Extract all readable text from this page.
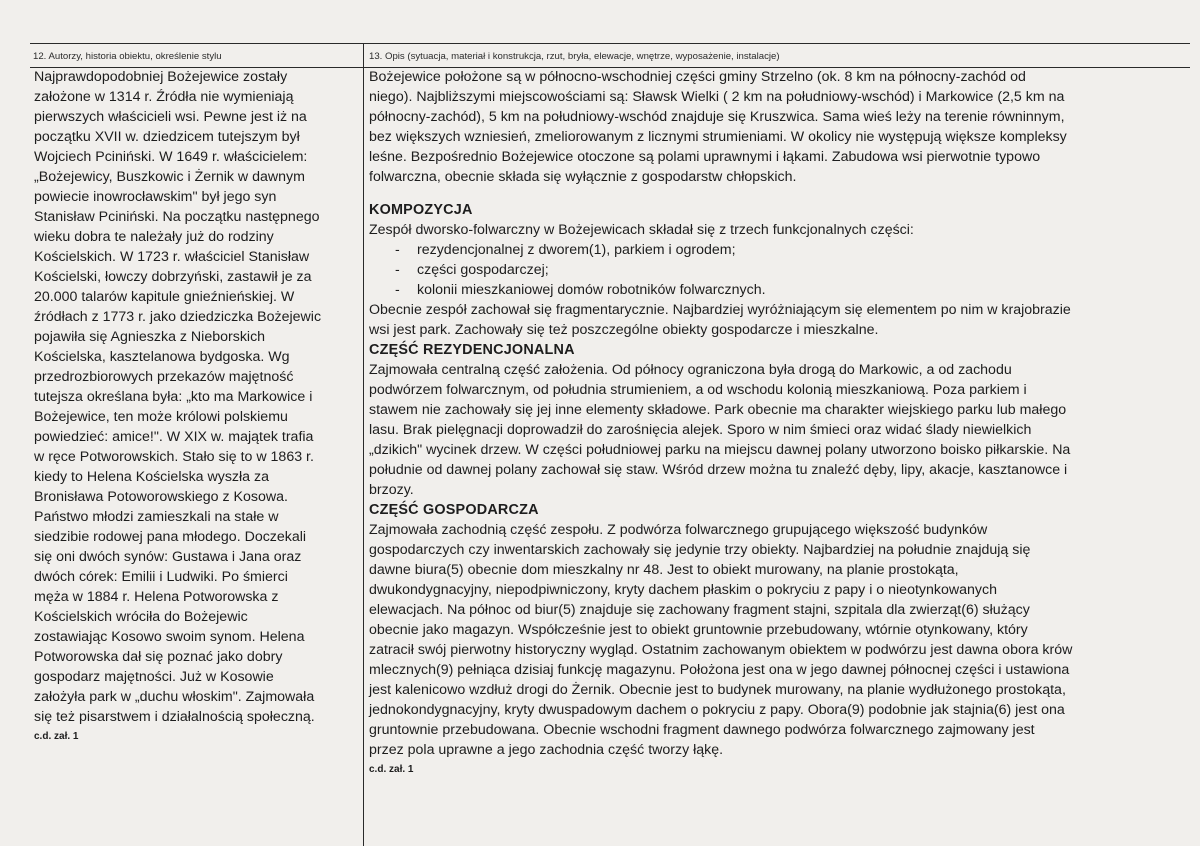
12. Autorzy, historia obiektu, określenie stylu	13. Opis (sytuacja, materiał i konstrukcja, rzut, bryła, elewacje, wnętrze, wyposażenie, instalacje)
Najprawdopodobniej Bożejewice zostały
założone w 1314 r. Źródła nie wymieniają
pierwszych właścicieli wsi. Pewne jest iż na
początku XVII w. dziedzicem tutejszym był
Wojciech Pciniński. W 1649 r. właścicielem:
„Bożejewicy, Buszkowic i Żernik w dawnym
powiecie inowrocławskim" był jego syn
Stanisław Pciniński. Na początku następnego
wieku dobra te należały już do rodziny
Kościelskich. W 1723 r. właściciel Stanisław
Kościelski, łowczy dobrzyński, zastawił je za
20.000 talarów kapitule gnieźnieńskiej. W
źródłach z 1773 r. jako dziedziczka Bożejewic
pojawiła się Agnieszka z Nieborskich
Kościelska, kasztelanowa bydgoska. Wg
przedrozbiorowych przekazów majętność
tutejsza określana była: „kto ma Markowice i
Bożejewice, ten może królowi polskiemu
powiedzieć: amice!". W XIX w. majątek trafia
w ręce Potworowskich. Stało się to w 1863 r.
kiedy to Helena Kościelska wyszła za
Bronisława Potoworowskiego z Kosowa.
Państwo młodzi zamieszkali na stałe w
siedzibie rodowej pana młodego. Doczekali
się oni dwóch synów: Gustawa i Jana oraz
dwóch córek: Emilii i Ludwiki. Po śmierci
męża w 1884 r. Helena Potworowska z
Kościelskich wróciła do Bożejewic
zostawiając Kosowo swoim synom. Helena
Potworowska dał się poznać jako dobry
gospodarz majętności. Już w Kosowie
założyła park w „duchu włoskim". Zajmowała
się też pisarstwem i działalnością społeczną.
c.d. zał. 1
Bożejewice położone są w północno-wschodniej części gminy Strzelno (ok. 8 km na północny-zachód od
niego). Najbliższymi miejscowościami są: Sławsk Wielki ( 2 km na południowy-wschód) i Markowice (2,5 km na
północny-zachód), 5 km na południowy-wschód znajduje się Kruszwica. Sama wieś leży na terenie równinnym,
bez większych wzniesień, zmeliorowanym z licznymi strumieniami. W okolicy nie występują większe kompleksy
leśne. Bezpośrednio Bożejewice otoczone są polami uprawnymi i łąkami. Zabudowa wsi pierwotnie typowo
folwarczna, obecnie składa się wyłącznie z gospodarstw chłopskich.
KOMPOZYCJA
Zespół dworsko-folwarczny w Bożejewicach składał się z trzech funkcjonalnych części:
-	rezydencjonalnej z dworem(1), parkiem i ogrodem;
-	części gospodarczej;
-	kolonii mieszkaniowej domów robotników folwarcznych.
Obecnie zespół zachował się fragmentarycznie. Najbardziej wyróżniającym się elementem po nim w krajobrazie
wsi jest park. Zachowały się też poszczególne obiekty gospodarcze i mieszkalne.
CZĘŚĆ REZYDENCJONALNA
Zajmowała centralną część założenia. Od północy ograniczona była drogą do Markowic, a od zachodu
podwórzem folwarcznym, od południa strumieniem, a od wschodu kolonią mieszkaniową. Poza parkiem i
stawem nie zachowały się jej inne elementy składowe. Park obecnie ma charakter wiejskiego parku lub małego
lasu. Brak pielęgnacji doprowadził do zarośnięcia alejek. Sporo w nim śmieci oraz widać ślady niewielkich
„dzikich" wycinek drzew. W części południowej parku na miejscu dawnej polany utworzono boisko piłkarskie. Na
południe od dawnej polany zachował się staw. Wśród drzew można tu znaleźć dęby, lipy, akacje, kasztanowce i
brzozy.
CZĘŚĆ GOSPODARCZA
Zajmowała zachodnią część zespołu. Z podwórza folwarcznego grupującego większość budynków
gospodarczych czy inwentarskich zachowały się jedynie trzy obiekty. Najbardziej na południe znajdują się
dawne biura(5) obecnie dom mieszkalny nr 48. Jest to obiekt murowany, na planie prostokąta,
dwukondygnacyjny, niepodpiwniczony, kryty dachem płaskim o pokryciu z papy i o nieotynkowanych
elewacjach. Na północ od biur(5) znajduje się zachowany fragment stajni, szpitala dla zwierząt(6) służący
obecnie jako magazyn. Współcześnie jest to obiekt gruntownie przebudowany, wtórnie otynkowany, który
zatracił swój pierwotny historyczny wygląd. Ostatnim zachowanym obiektem w podwórzu jest dawna obora krów
mlecznych(9) pełniąca dzisiaj funkcję magazynu. Położona jest ona w jego dawnej północnej części i ustawiona
jest kalenicowo wzdłuż drogi do Żernik. Obecnie jest to budynek murowany, na planie wydłużonego prostokąta,
jednokondygnacyjny, kryty dwuspadowym dachem o pokryciu z papy. Obora(9) podobnie jak stajnia(6) jest ona
gruntownie przebudowana. Obecnie wschodni fragment dawnego podwórza folwarcznego zajmowany jest
przez pola uprawne a jego zachodnia część tworzy łąkę.
c.d. zał. 1
